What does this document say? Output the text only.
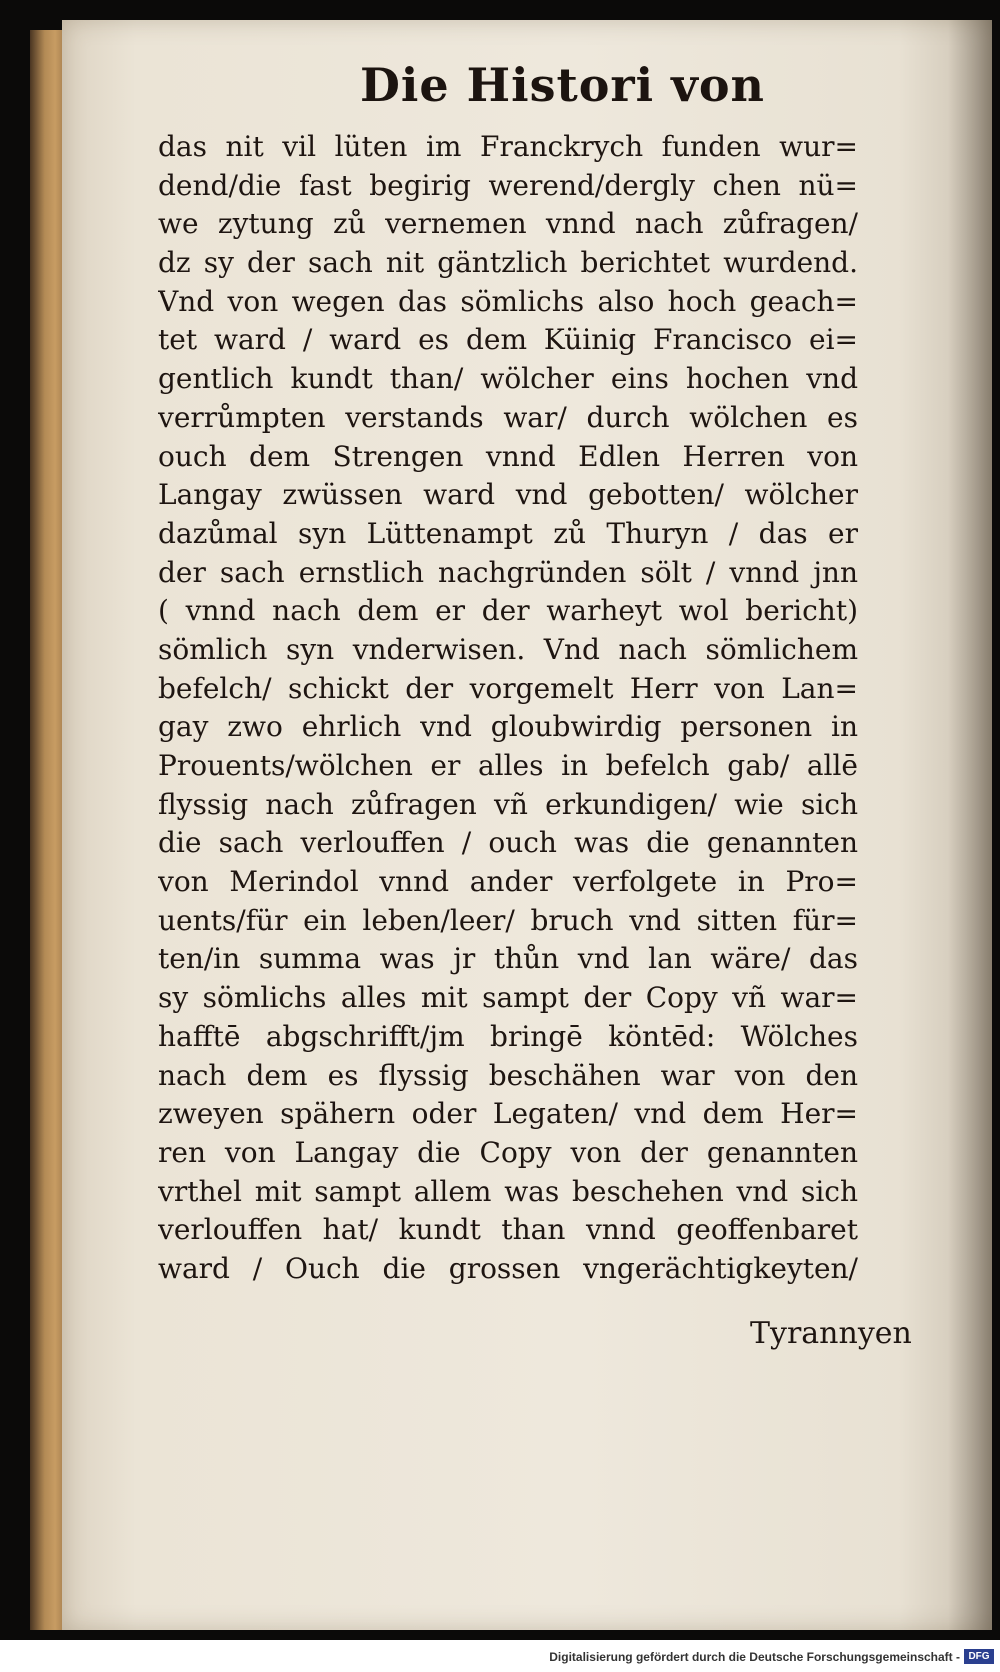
Die Histori von
das nit vil lüten im Franckrych funden wur=
dend/die fast begirig werend/dergly chen nü=
we zytung zů vernemen vnnd nach zůfragen/
dz sy der sach nit gäntzlich berichtet wurdend.
Vnd von wegen das sömlichs also hoch geach=
tet ward / ward es dem Küinig Francisco ei=
gentlich kundt than/ wölcher eins hochen vnd
verrůmpten verstands war/ durch wölchen es
ouch dem Strengen vnnd Edlen Herren von
Langay zwüssen ward vnd gebotten/ wölcher
dazůmal syn Lüttenampt zů Thuryn / das er
der sach ernstlich nachgründen sölt / vnnd jnn
( vnnd nach dem er der warheyt wol bericht)
sömlich syn vnderwisen. Vnd nach sömlichem
befelch/ schickt der vorgemelt Herr von Lan=
gay zwo ehrlich vnd gloubwirdig personen in
Prouents/wölchen er alles in befelch gab/ allē
flyssig nach zůfragen vñ erkundigen/ wie sich
die sach verlouffen / ouch was die genannten
von Merindol vnnd ander verfolgete in Pro=
uents/für ein leben/leer/ bruch vnd sitten für=
ten/in summa was jr thůn vnd lan wäre/ das
sy sömlichs alles mit sampt der Copy vñ war=
hafftē abgschrifft/jm bringē köntēd: Wölches
nach dem es flyssig beschähen war von den
zweyen spähern oder Legaten/ vnd dem Her=
ren von Langay die Copy von der genannten
vrthel mit sampt allem was beschehen vnd sich
verlouffen hat/ kundt than vnnd geoffenbaret
ward / Ouch die grossen vngerächtigkeyten/
Tyrannyen
Digitalisierung gefördert durch die Deutsche Forschungsgemeinschaft - DFG
